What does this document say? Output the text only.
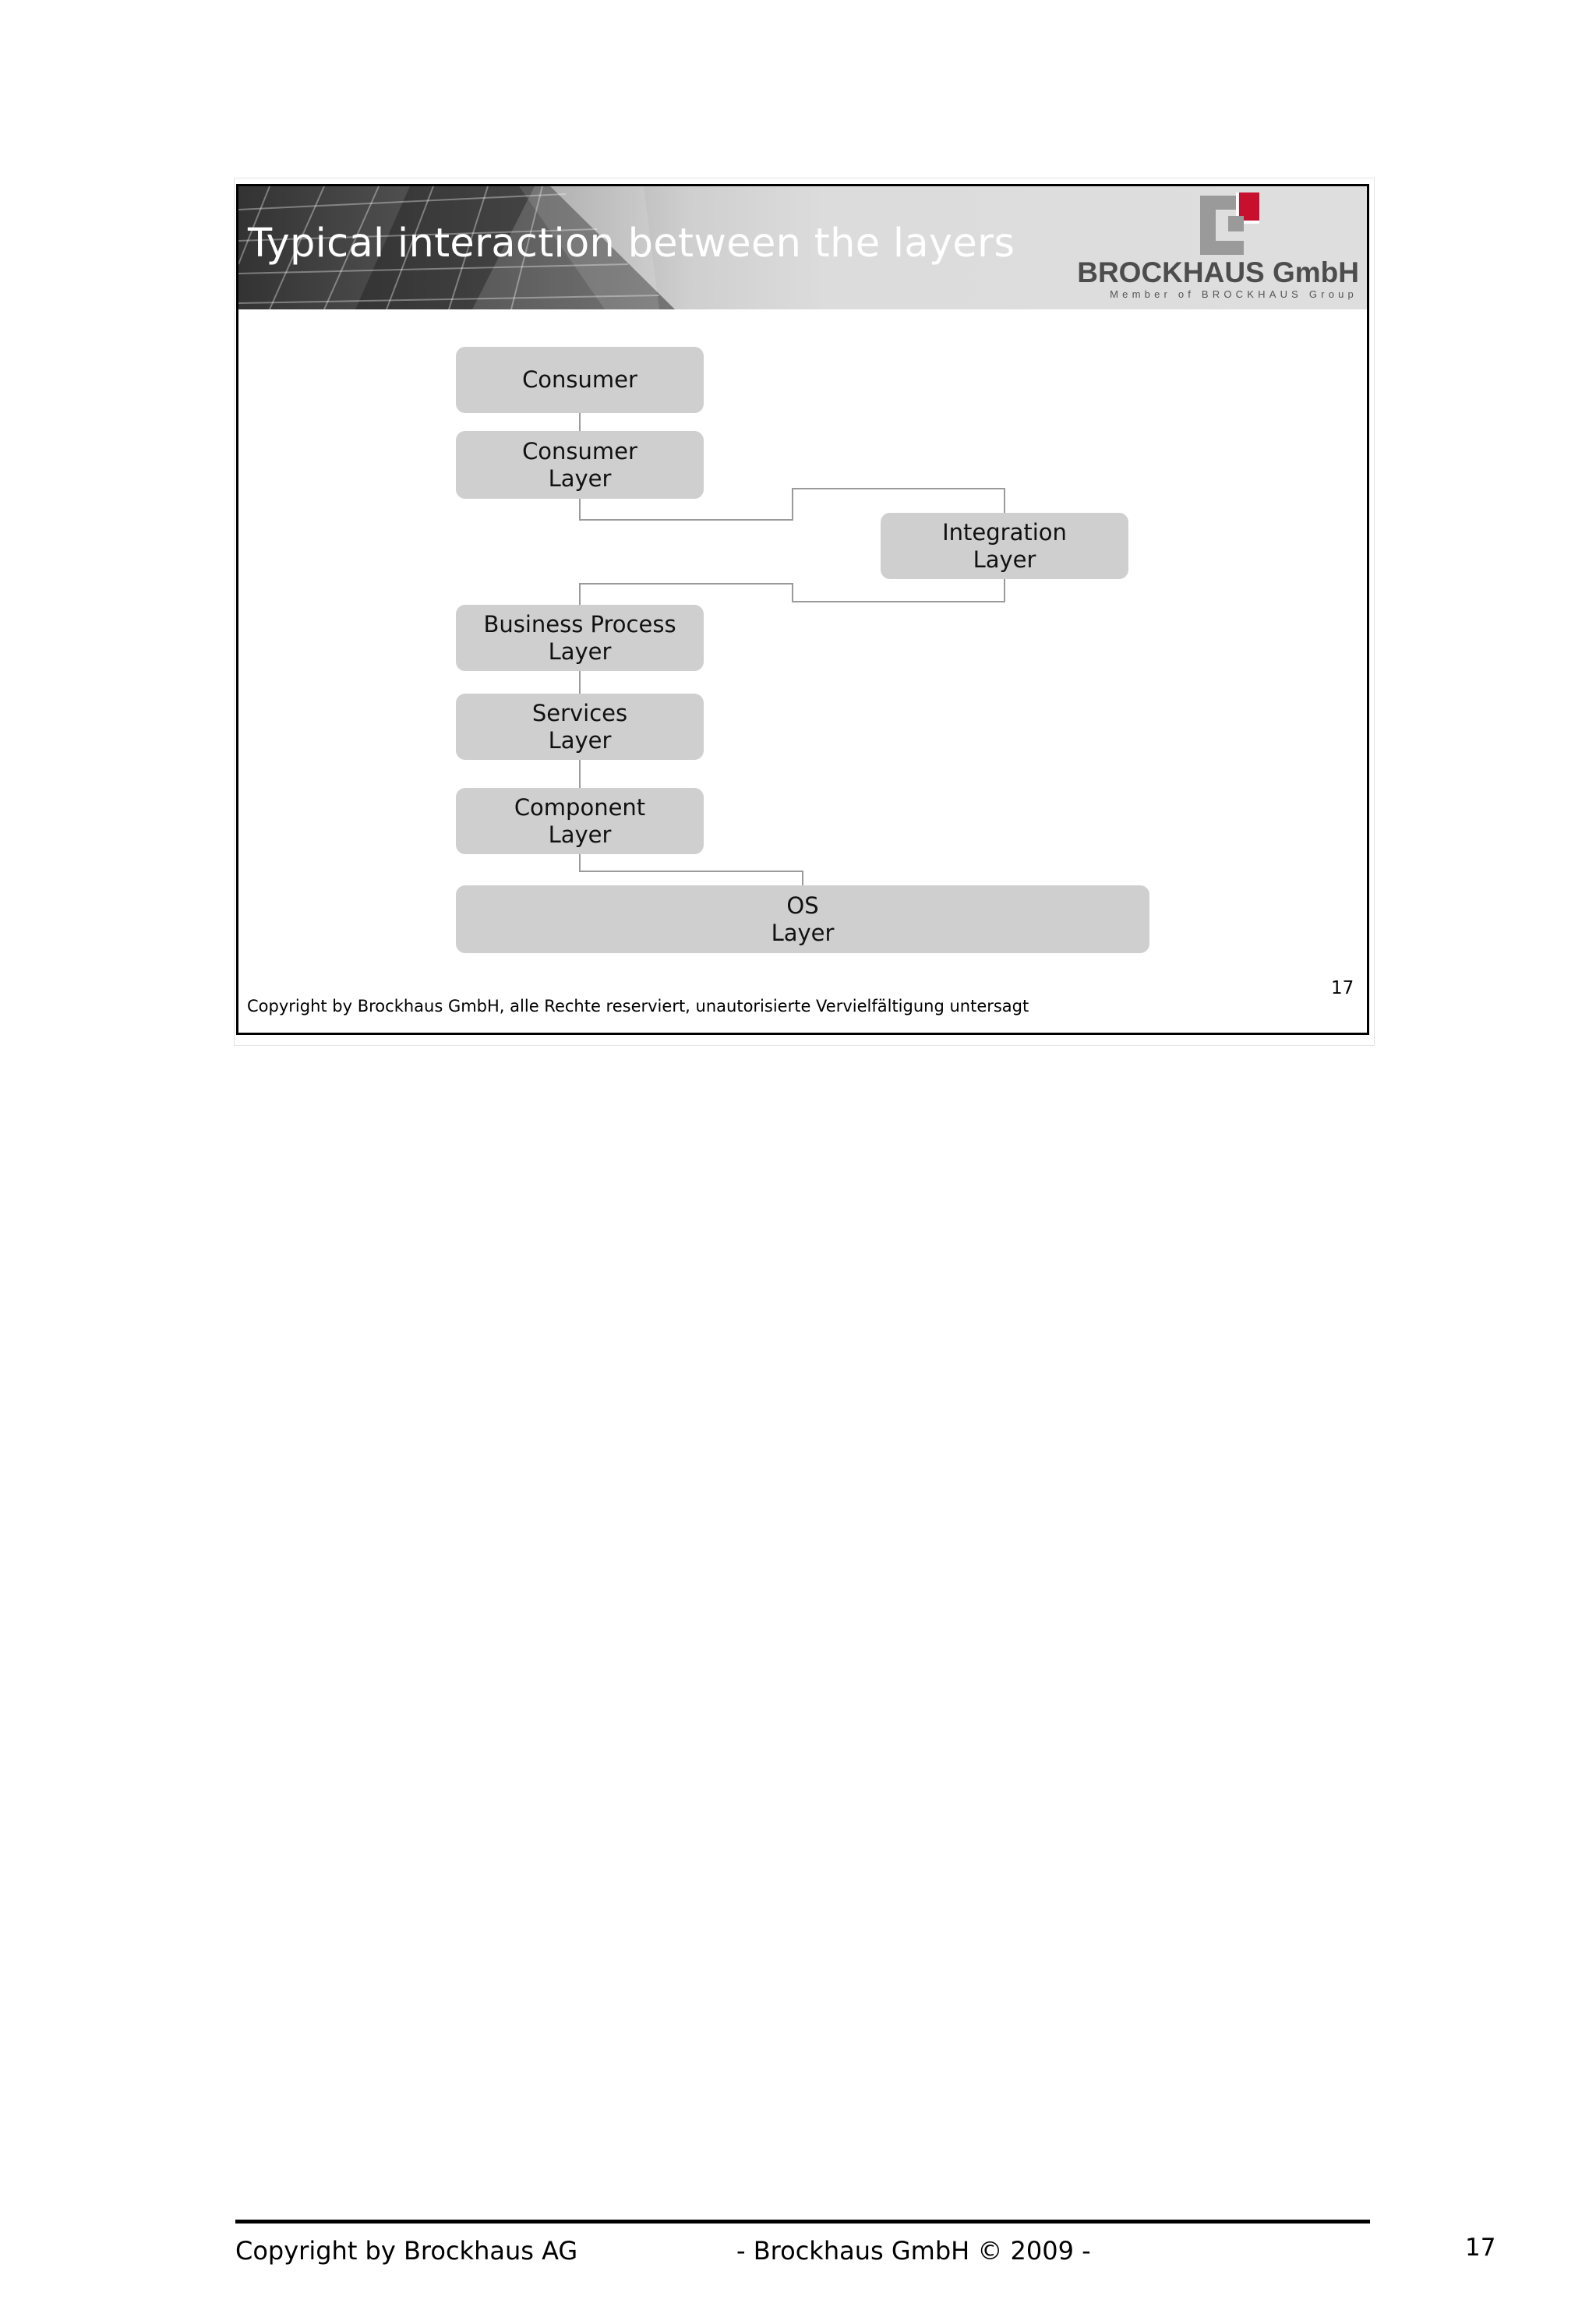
Typical interaction between the layers
BROCKHAUS GmbH
Member of BROCKHAUS Group
Consumer
Consumer
Layer
Integration
Layer
Business Process
Layer
Services
Layer
Component
Layer
OS
Layer
17
Copyright by Brockhaus GmbH, alle Rechte reserviert, unautorisierte Vervielfältigung untersagt
Copyright by Brockhaus AG	- Brockhaus GmbH © 2009 -	17
